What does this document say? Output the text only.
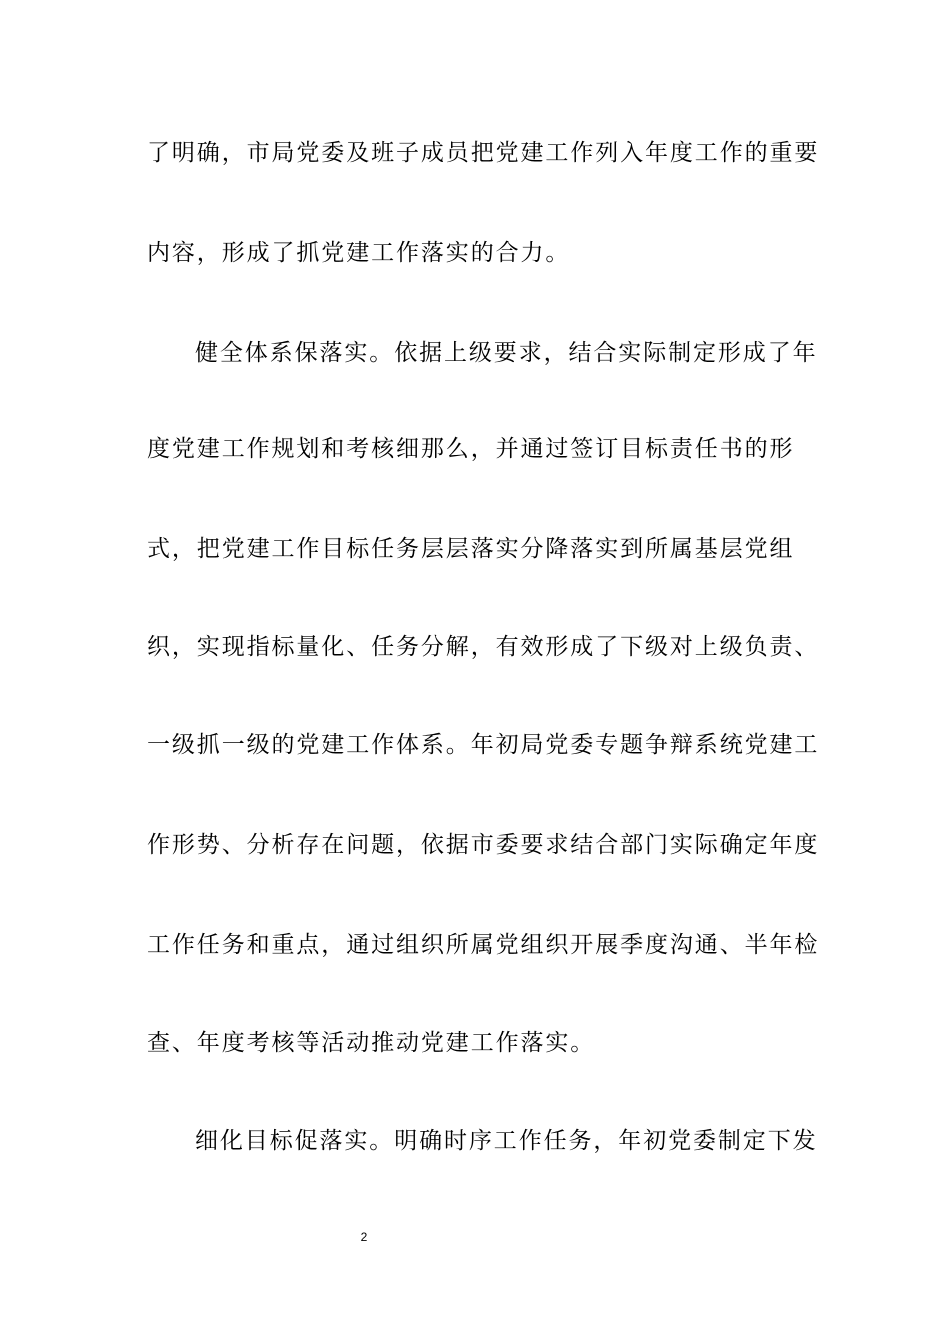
了明确，市局党委及班子成员把党建工作列入年度工作的重要
内容，形成了抓党建工作落实的合力。
健全体系保落实。依据上级要求，结合实际制定形成了年
度党建工作规划和考核细那么，并通过签订目标责任书的形
式，把党建工作目标任务层层落实分降落实到所属基层党组
织，实现指标量化、任务分解，有效形成了下级对上级负责、
一级抓一级的党建工作体系。年初局党委专题争辩系统党建工
作形势、分析存在问题，依据市委要求结合部门实际确定年度
工作任务和重点，通过组织所属党组织开展季度沟通、半年检
查、年度考核等活动推动党建工作落实。
细化目标促落实。明确时序工作任务，年初党委制定下发
2
